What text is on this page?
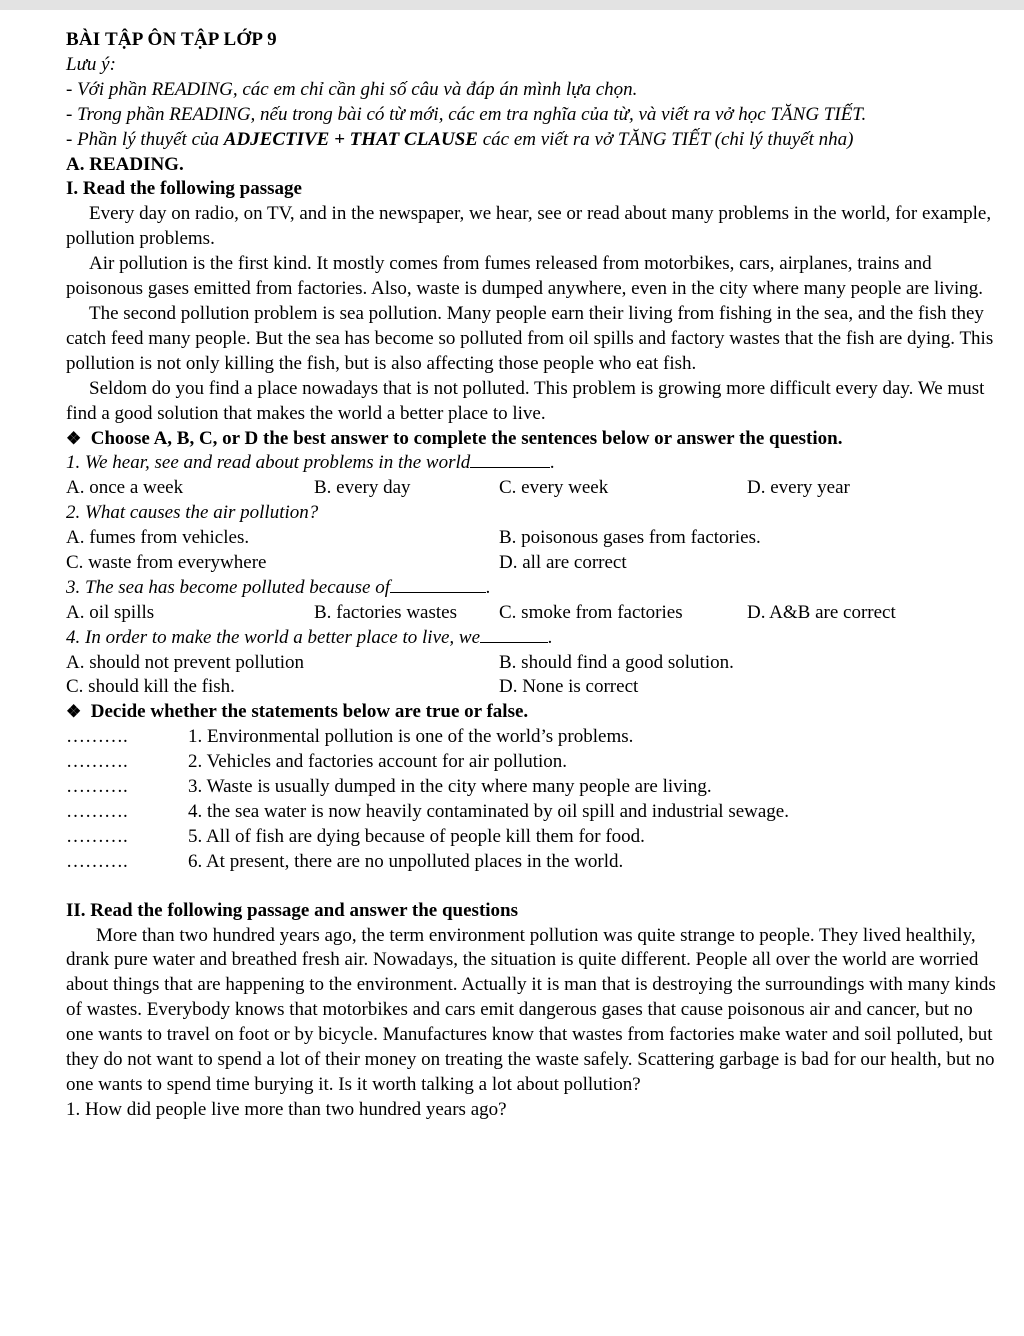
BÀI TẬP ÔN TẬP LỚP 9
Lưu ý:
- Với phần READING, các em chỉ cần ghi số câu và đáp án mình lựa chọn.
- Trong phần READING, nếu trong bài có từ mới, các em tra nghĩa của từ, và viết ra vở học TĂNG TIẾT.
- Phần lý thuyết của ADJECTIVE + THAT CLAUSE các em viết ra vở TĂNG TIẾT (chỉ lý thuyết nha)
A. READING.
I. Read the following passage
Every day on radio, on TV, and in the newspaper, we hear, see or read about many problems in the world, for example, pollution problems.
Air pollution is the first kind. It mostly comes from fumes released from motorbikes, cars, airplanes, trains and poisonous gases emitted from factories. Also, waste is dumped anywhere, even in the city where many people are living.
The second pollution problem is sea pollution. Many people earn their living from fishing in the sea, and the fish they catch feed many people. But the sea has become so polluted from oil spills and factory wastes that the fish are dying. This pollution is not only killing the fish, but is also affecting those people who eat fish.
Seldom do you find a place nowadays that is not polluted. This problem is growing more difficult every day. We must find a good solution that makes the world a better place to live.
❖ Choose A, B, C, or D the best answer to complete the sentences below or answer the question.
1. We hear, see and read about problems in the world	.
A. once a week	B. every day	C. every week	D. every year
2. What causes the air pollution?
A. fumes from vehicles.	B. poisonous gases from factories.
C. waste from everywhere	D. all are correct
3. The sea has become polluted because of	.
A. oil spills	B. factories wastes C. smoke from factories	D. A&B are correct
4. In order to make the world a better place to live, we	.
A. should not prevent pollution	B. should find a good solution.
C. should kill the fish.	D. None is correct
❖ Decide whether the statements below are true or false.
……….	1. Environmental pollution is one of the world’s problems.
……….	2. Vehicles and factories account for air pollution.
……….	3. Waste is usually dumped in the city where many people are living.
……….	4. the sea water is now heavily contaminated by oil spill and industrial sewage.
……….	5. All of fish are dying because of people kill them for food.
……….	6. At present, there are no unpolluted places in the world.
II. Read the following passage and answer the questions
More than two hundred years ago, the term environment pollution was quite strange to people. They lived healthily, drank pure water and breathed fresh air. Nowadays, the situation is quite different. People all over the world are worried about things that are happening to the environment. Actually it is man that is destroying the surroundings with many kinds of wastes. Everybody knows that motorbikes and cars emit dangerous gases that cause poisonous air and cancer, but no one wants to travel on foot or by bicycle. Manufactures know that wastes from factories make water and soil polluted, but they do not want to spend a lot of their money on treating the waste safely. Scattering garbage is bad for our health, but no one wants to spend time burying it. Is it worth talking a lot about pollution?
1. How did people live more than two hundred years ago?
